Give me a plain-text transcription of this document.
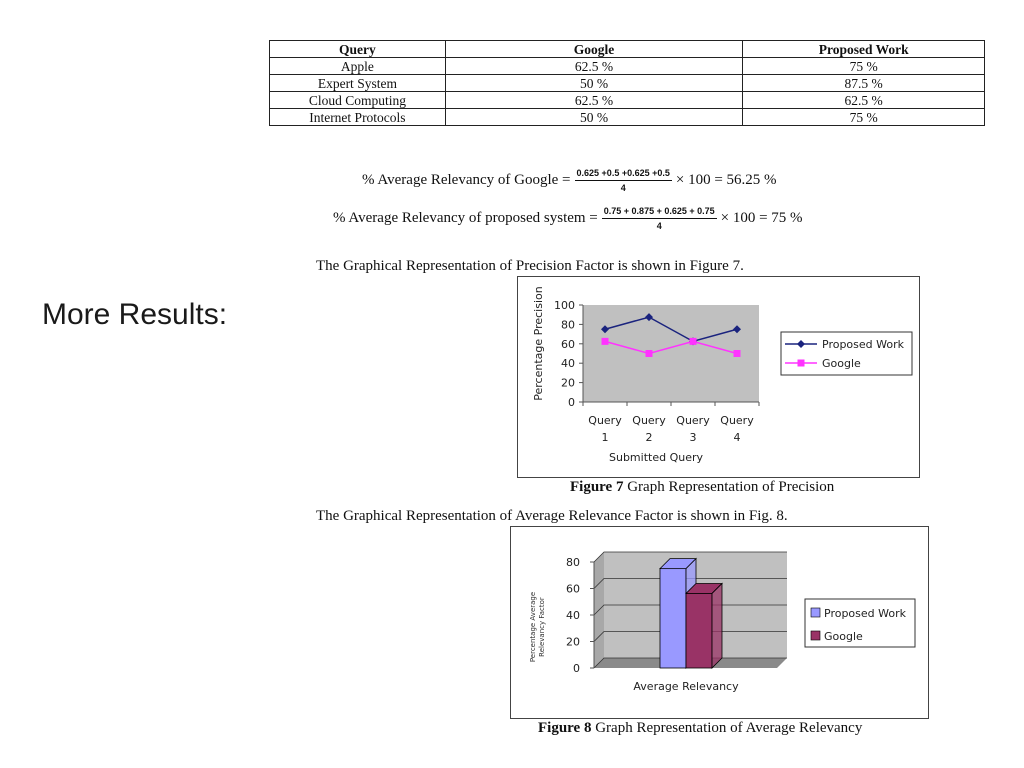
More Results:
Query	Google	Proposed Work
Apple	62.5 %	75 %
Expert System	50 %	87.5 %
Cloud Computing	62.5 %	62.5 %
Internet Protocols	50 %	75 %
% Average Relevancy of Google = $\frac{0.625 +0.5 +0.625 +0.5}{4} \times 100 = 56.25$ %
% Average Relevancy of proposed system = $\frac{0.75 + 0.875 + 0.625 + 0.75}{4} \times 100 = 75$ %
The Graphical Representation of Precision Factor is shown in Figure 7.
0
20
40
60
80
100
Query 1
Query 2
Query 3
Query 4
Submitted Query
Percentage Precision	Proposed Work
Google
Figure 7 Graph Representation of Precision
The Graphical Representation of Average Relevance Factor is shown in Fig. 8.
0
20
40
60
80
Average Relevancy
Percentage AverageRelevancy Factor	Proposed Work
Google
Figure 8 Graph Representation of Average Relevancy
